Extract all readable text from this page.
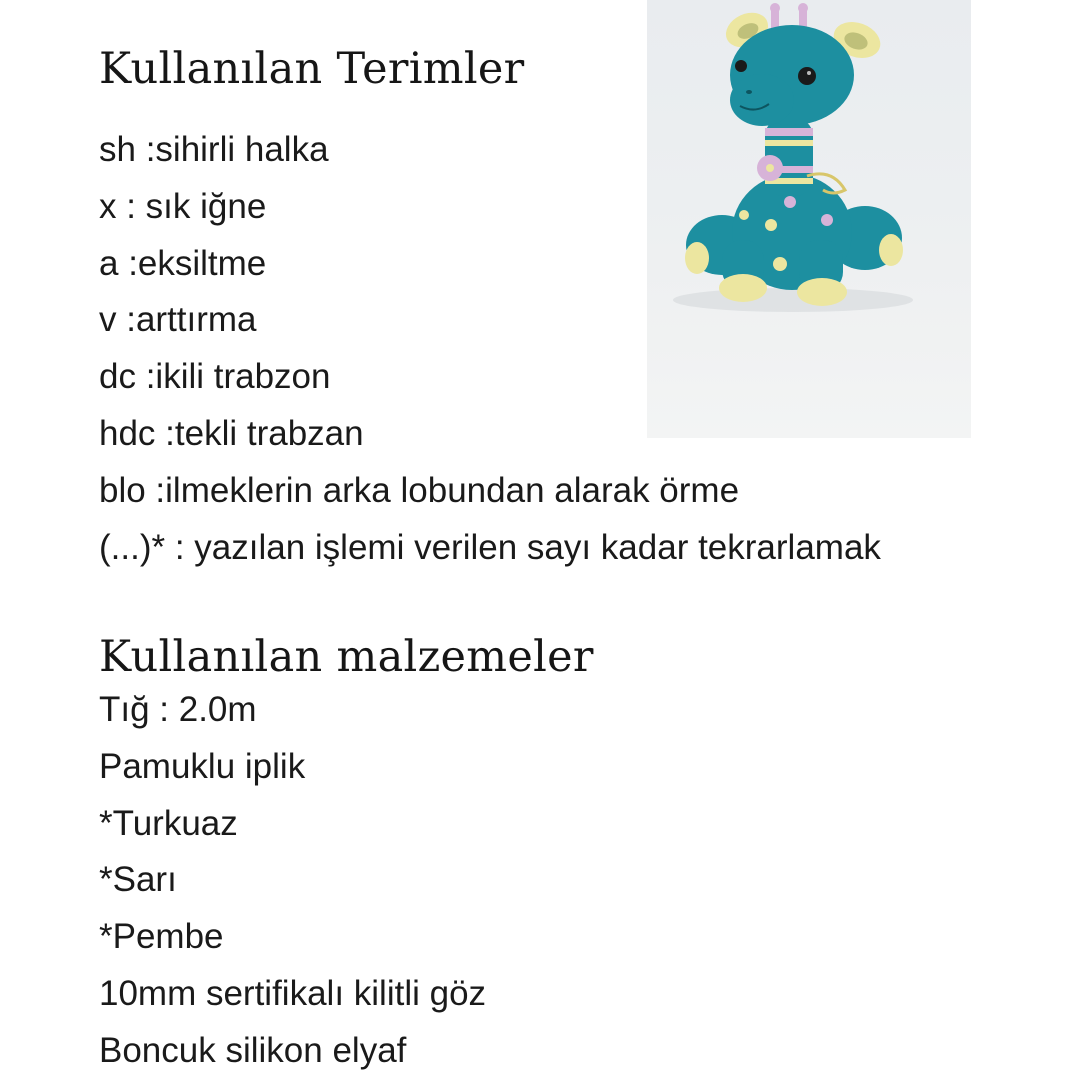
Kullanılan Terimler
sh :sihirli halka
x : sık iğne
a :eksiltme
v :arttırma
dc :ikili trabzon
hdc :tekli trabzan
blo :ilmeklerin arka lobundan alarak örme
(...)* : yazılan işlemi verilen sayı kadar tekrarlamak
Kullanılan malzemeler
Tığ : 2.0m
Pamuklu iplik
*Turkuaz
*Sarı
*Pembe
10mm sertifikalı kilitli göz
Boncuk silikon elyaf
